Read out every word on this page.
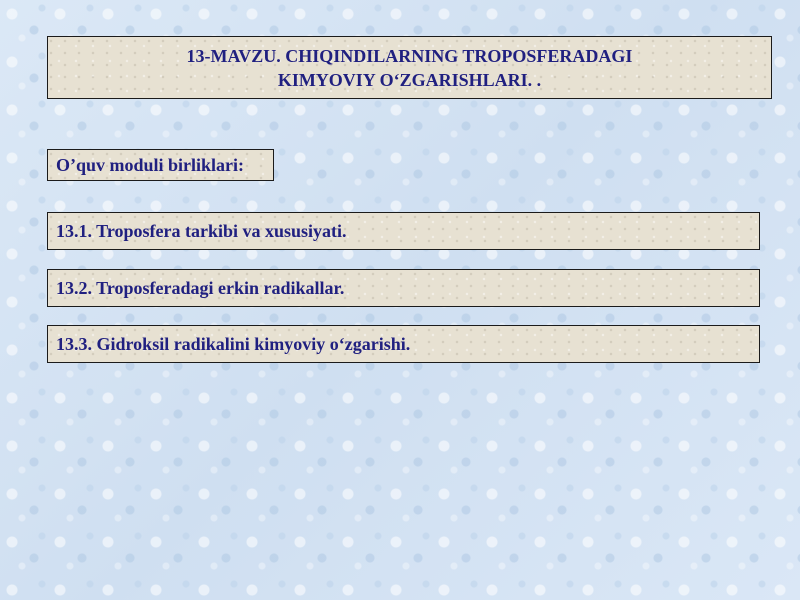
13-MAVZU. CHIQINDILARNING TROPOSFERADAGI
KIMYOVIY O‘ZGARISHLARI. .
O’quv moduli birliklari:
13.1. Troposfera tarkibi va xususiyati.
13.2. Troposferadagi erkin radikallar.
13.3. Gidroksil radikalini kimyoviy o‘zgarishi.
